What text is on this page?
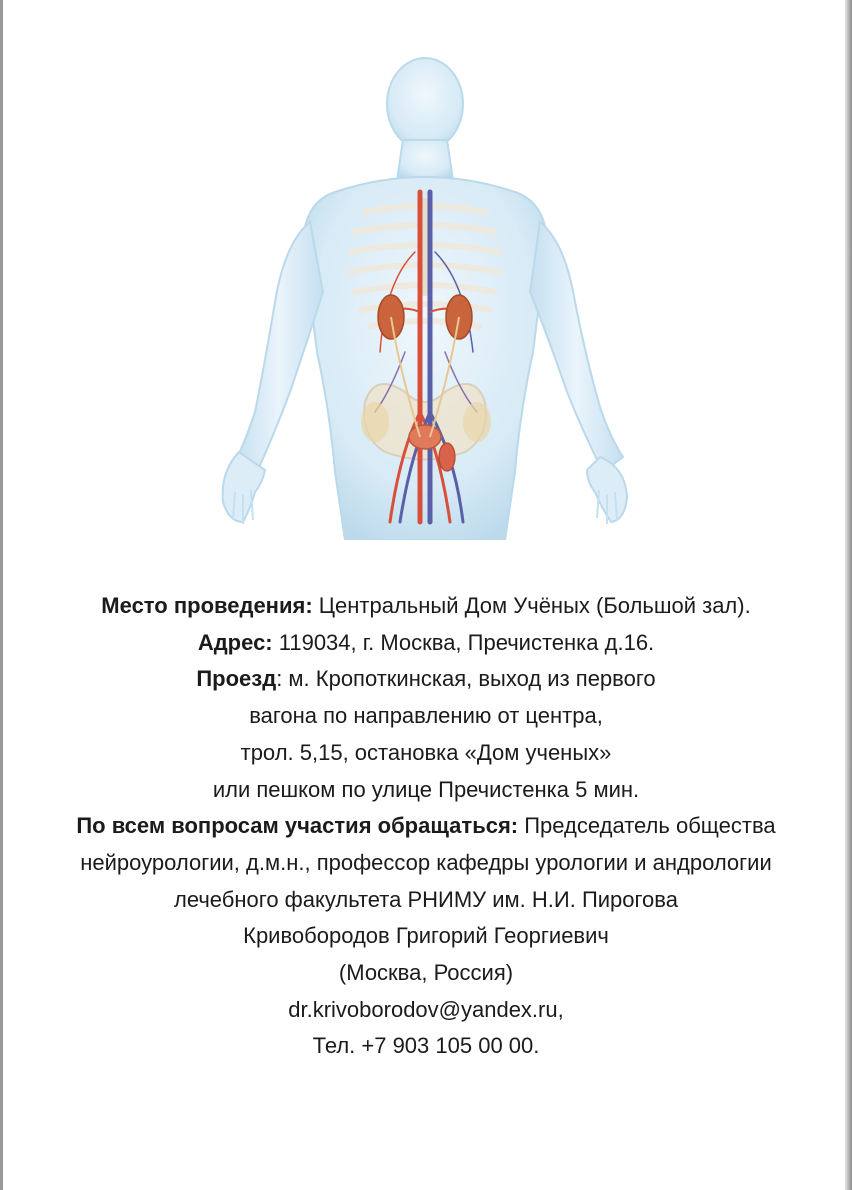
Место проведения: Центральный Дом Учёных (Большой зал).
Адрес: 119034, г. Москва, Пречистенка д.16.
Проезд: м. Кропоткинская, выход из первого
вагона по направлению от центра,
трол. 5,15, остановка «Дом ученых»
или пешком по улице Пречистенка 5 мин.
По всем вопросам участия обращаться: Председатель общества
нейроурологии, д.м.н., профессор кафедры урологии и андрологии
лечебного факультета РНИМУ им. Н.И. Пирогова
Кривобородов Григорий Георгиевич
(Москва, Россия)
dr.krivoborodov@yandex.ru,
Тел. +7 903 105 00 00.
